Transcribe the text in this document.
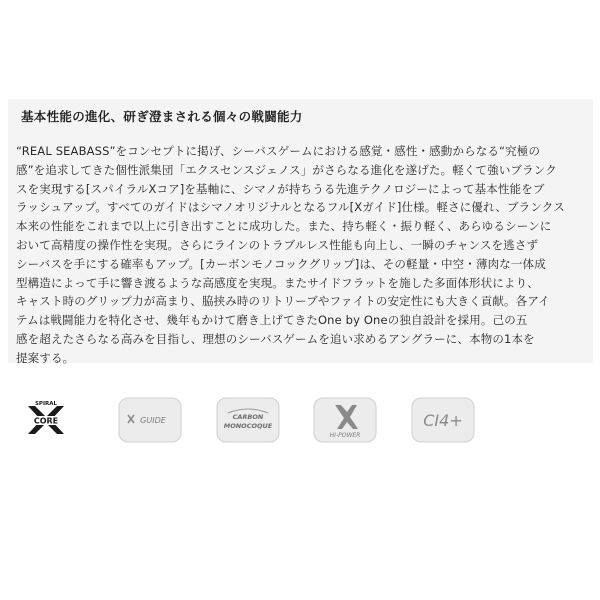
基本性能の進化、研ぎ澄まされる個々の戦闘能力
“REAL SEABASS”をコンセプトに掲げ、シーバスゲームにおける感覚・感性・感動からなる“究極の
感”を追求してきた個性派集団「エクスセンスジェノス」がさらなる進化を遂げた。軽くて強いブランク
スを実現する[スパイラルXコア]を基軸に、シマノが持ちうる先進テクノロジーによって基本性能をブ
ラッシュアップ。すべてのガイドはシマノオリジナルとなるフル[Xガイド]仕様。軽さに優れ、ブランクス
本来の性能をこれまで以上に引き出すことに成功した。また、持ち軽く・振り軽く、あらゆるシーンに
おいて高精度の操作性を実現。さらにラインのトラブルレス性能も向上し、一瞬のチャンスを逃さず
シーバスを手にする確率もアップ。[カーボンモノコックグリップ]は、その軽量・中空・薄肉な一体成
型構造によって手に響き渡るような高感度を実現。またサイドフラットを施した多面体形状により、
キャスト時のグリップ力が高まり、脇挟み時のリトリーブやファイトの安定性にも大きく貢献。各アイ
テムは戦闘能力を特化させ、幾年もかけて磨き上げてきたOne by Oneの独自設計を採用。己の五
感を超えたさらなる高みを目指し、理想のシーバスゲームを追い求めるアングラーに、本物の1本を
提案する。
SPIRAL
CORE	GUIDE	CARBON
MONOCOQUE
HI-POWER
CI4+
